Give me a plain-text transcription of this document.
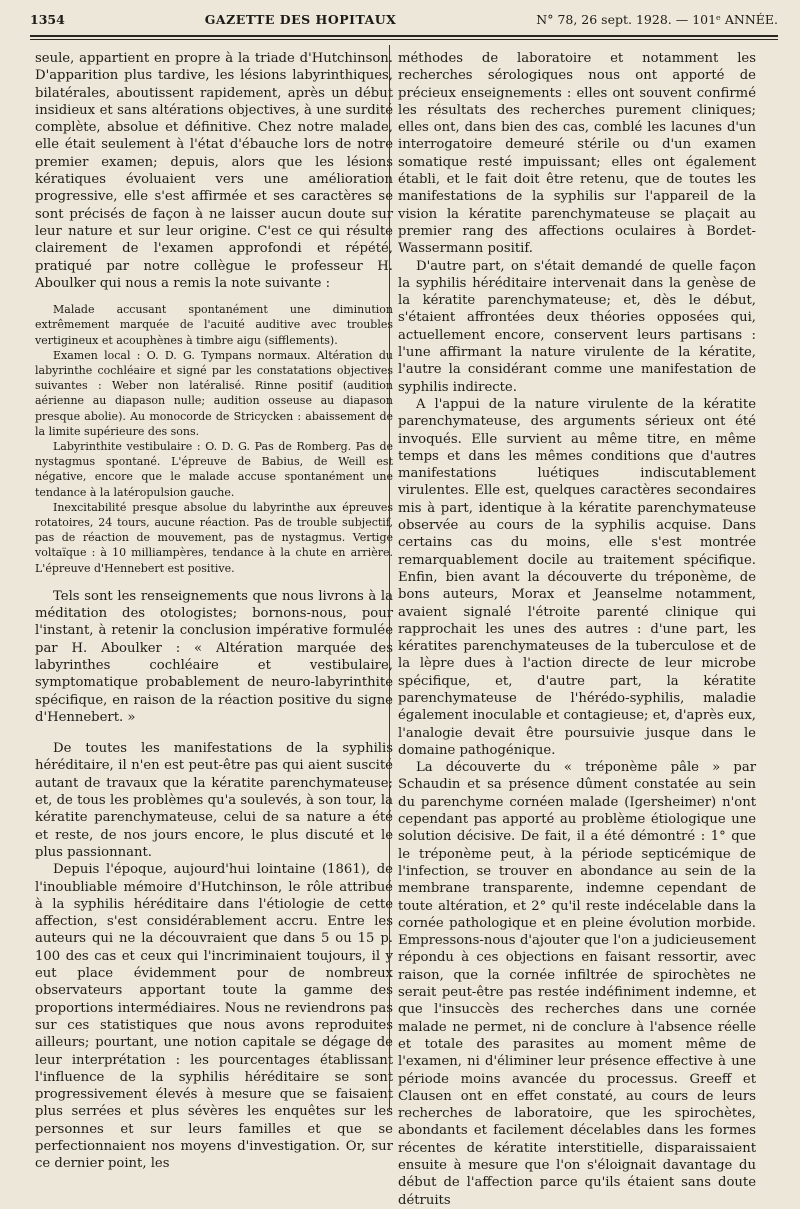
1354	GAZETTE DES HOPITAUX	N° 78, 26 sept. 1928. — 101ᵉ ANNÉE.

seule, appartient en propre à la triade d'Hutchinson. D'apparition plus tardive, les lésions labyrinthiques, bilatérales, aboutissent rapidement, après un début insidieux et sans altérations objectives, à une surdité complète, absolue et définitive. Chez notre malade, elle était seulement à l'état d'ébauche lors de notre premier examen; depuis, alors que les lésions kératiques évoluaient vers une amélioration progressive, elle s'est affirmée et ses caractères se sont précisés de façon à ne laisser aucun doute sur leur nature et sur leur origine. C'est ce qui résulte clairement de l'examen approfondi et répété, pratiqué par notre collègue le professeur H. Aboulker qui nous a remis la note suivante :

Malade accusant spontanément une diminution extrêmement marquée de l'acuité auditive avec troubles vertigineux et acouphènes à timbre aigu (sifflements).

Examen local : O. D. G. Tympans normaux. Altération du labyrinthe cochléaire et signé par les constatations objectives suivantes : Weber non latéralisé. Rinne positif (audition aérienne au diapason nulle; audition osseuse au diapason presque abolie). Au monocorde de Stricycken : abaissement de la limite supérieure des sons.

Labyrinthite vestibulaire : O. D. G. Pas de Romberg. Pas de nystagmus spontané. L'épreuve de Babius, de Weill est négative, encore que le malade accuse spontanément une tendance à la latéropulsion gauche.

Inexcitabilité presque absolue du labyrinthe aux épreuves rotatoires, 24 tours, aucune réaction. Pas de trouble subjectif, pas de réaction de mouvement, pas de nystagmus. Vertige voltaïque : à 10 milliampères, tendance à la chute en arrière. L'épreuve d'Hennebert est positive.

Tels sont les renseignements que nous livrons à la méditation des otologistes; bornons-nous, pour l'instant, à retenir la conclusion impérative formulée par H. Aboulker : « Altération marquée des labyrinthes cochléaire et vestibulaire, symptomatique probablement de neuro-labyrinthite spécifique, en raison de la réaction positive du signe d'Hennebert. »

De toutes les manifestations de la syphilis héréditaire, il n'en est peut-être pas qui aient suscité autant de travaux que la kératite parenchymateuse; et, de tous les problèmes qu'a soulevés, à son tour, la kératite parenchymateuse, celui de sa nature a été et reste, de nos jours encore, le plus discuté et le plus passionnant.

Depuis l'époque, aujourd'hui lointaine (1861), de l'inoubliable mémoire d'Hutchinson, le rôle attribué à la syphilis héréditaire dans l'étiologie de cette affection, s'est considérablement accru. Entre les auteurs qui ne la découvraient que dans 5 ou 15 p. 100 des cas et ceux qui l'incriminaient toujours, il y eut place évidemment pour de nombreux observateurs apportant toute la gamme des proportions intermédiaires. Nous ne reviendrons pas sur ces statistiques que nous avons reproduites ailleurs; pourtant, une notion capitale se dégage de leur interprétation : les pourcentages établissant l'influence de la syphilis héréditaire se sont progressivement élevés à mesure que se faisaient plus serrées et plus sévères les enquêtes sur les personnes et sur leurs familles et que se perfectionnaient nos moyens d'investigation. Or, sur ce dernier point, les

méthodes de laboratoire et notamment les recherches sérologiques nous ont apporté de précieux enseignements : elles ont souvent confirmé les résultats des recherches purement cliniques; elles ont, dans bien des cas, comblé les lacunes d'un interrogatoire demeuré stérile ou d'un examen somatique resté impuissant; elles ont également établi, et le fait doit être retenu, que de toutes les manifestations de la syphilis sur l'appareil de la vision la kératite parenchymateuse se plaçait au premier rang des affections oculaires à Bordet-Wassermann positif.

D'autre part, on s'était demandé de quelle façon la syphilis héréditaire intervenait dans la genèse de la kératite parenchymateuse; et, dès le début, s'étaient affrontées deux théories opposées qui, actuellement encore, conservent leurs partisans : l'une affirmant la nature virulente de la kératite, l'autre la considérant comme une manifestation de syphilis indirecte.

A l'appui de la nature virulente de la kératite parenchymateuse, des arguments sérieux ont été invoqués. Elle survient au même titre, en même temps et dans les mêmes conditions que d'autres manifestations luétiques indiscutablement virulentes. Elle est, quelques caractères secondaires mis à part, identique à la kératite parenchymateuse observée au cours de la syphilis acquise. Dans certains cas du moins, elle s'est montrée remarquablement docile au traitement spécifique. Enfin, bien avant la découverte du tréponème, de bons auteurs, Morax et Jeanselme notamment, avaient signalé l'étroite parenté clinique qui rapprochait les unes des autres : d'une part, les kératites parenchymateuses de la tuberculose et de la lèpre dues à l'action directe de leur microbe spécifique, et, d'autre part, la kératite parenchymateuse de l'hérédo-syphilis, maladie également inoculable et contagieuse; et, d'après eux, l'analogie devait être poursuivie jusque dans le domaine pathogénique.

La découverte du « tréponème pâle » par Schaudin et sa présence dûment constatée au sein du parenchyme cornéen malade (Igersheimer) n'ont cependant pas apporté au problème étiologique une solution décisive. De fait, il a été démontré : 1° que le tréponème peut, à la période septicémique de l'infection, se trouver en abondance au sein de la membrane transparente, indemne cependant de toute altération, et 2° qu'il reste indécelable dans la cornée pathologique et en pleine évolution morbide. Empressons-nous d'ajouter que l'on a judicieusement répondu à ces objections en faisant ressortir, avec raison, que la cornée infiltrée de spirochètes ne serait peut-être pas restée indéfiniment indemne, et que l'insuccès des recherches dans une cornée malade ne permet, ni de conclure à l'absence réelle et totale des parasites au moment même de l'examen, ni d'éliminer leur présence effective à une période moins avancée du processus. Greeff et Clausen ont en effet constaté, au cours de leurs recherches de laboratoire, que les spirochètes, abondants et facilement décelables dans les formes récentes de kératite interstitielle, disparaissaient ensuite à mesure que l'on s'éloignait davantage du début de l'affection parce qu'ils étaient sans doute détruits
